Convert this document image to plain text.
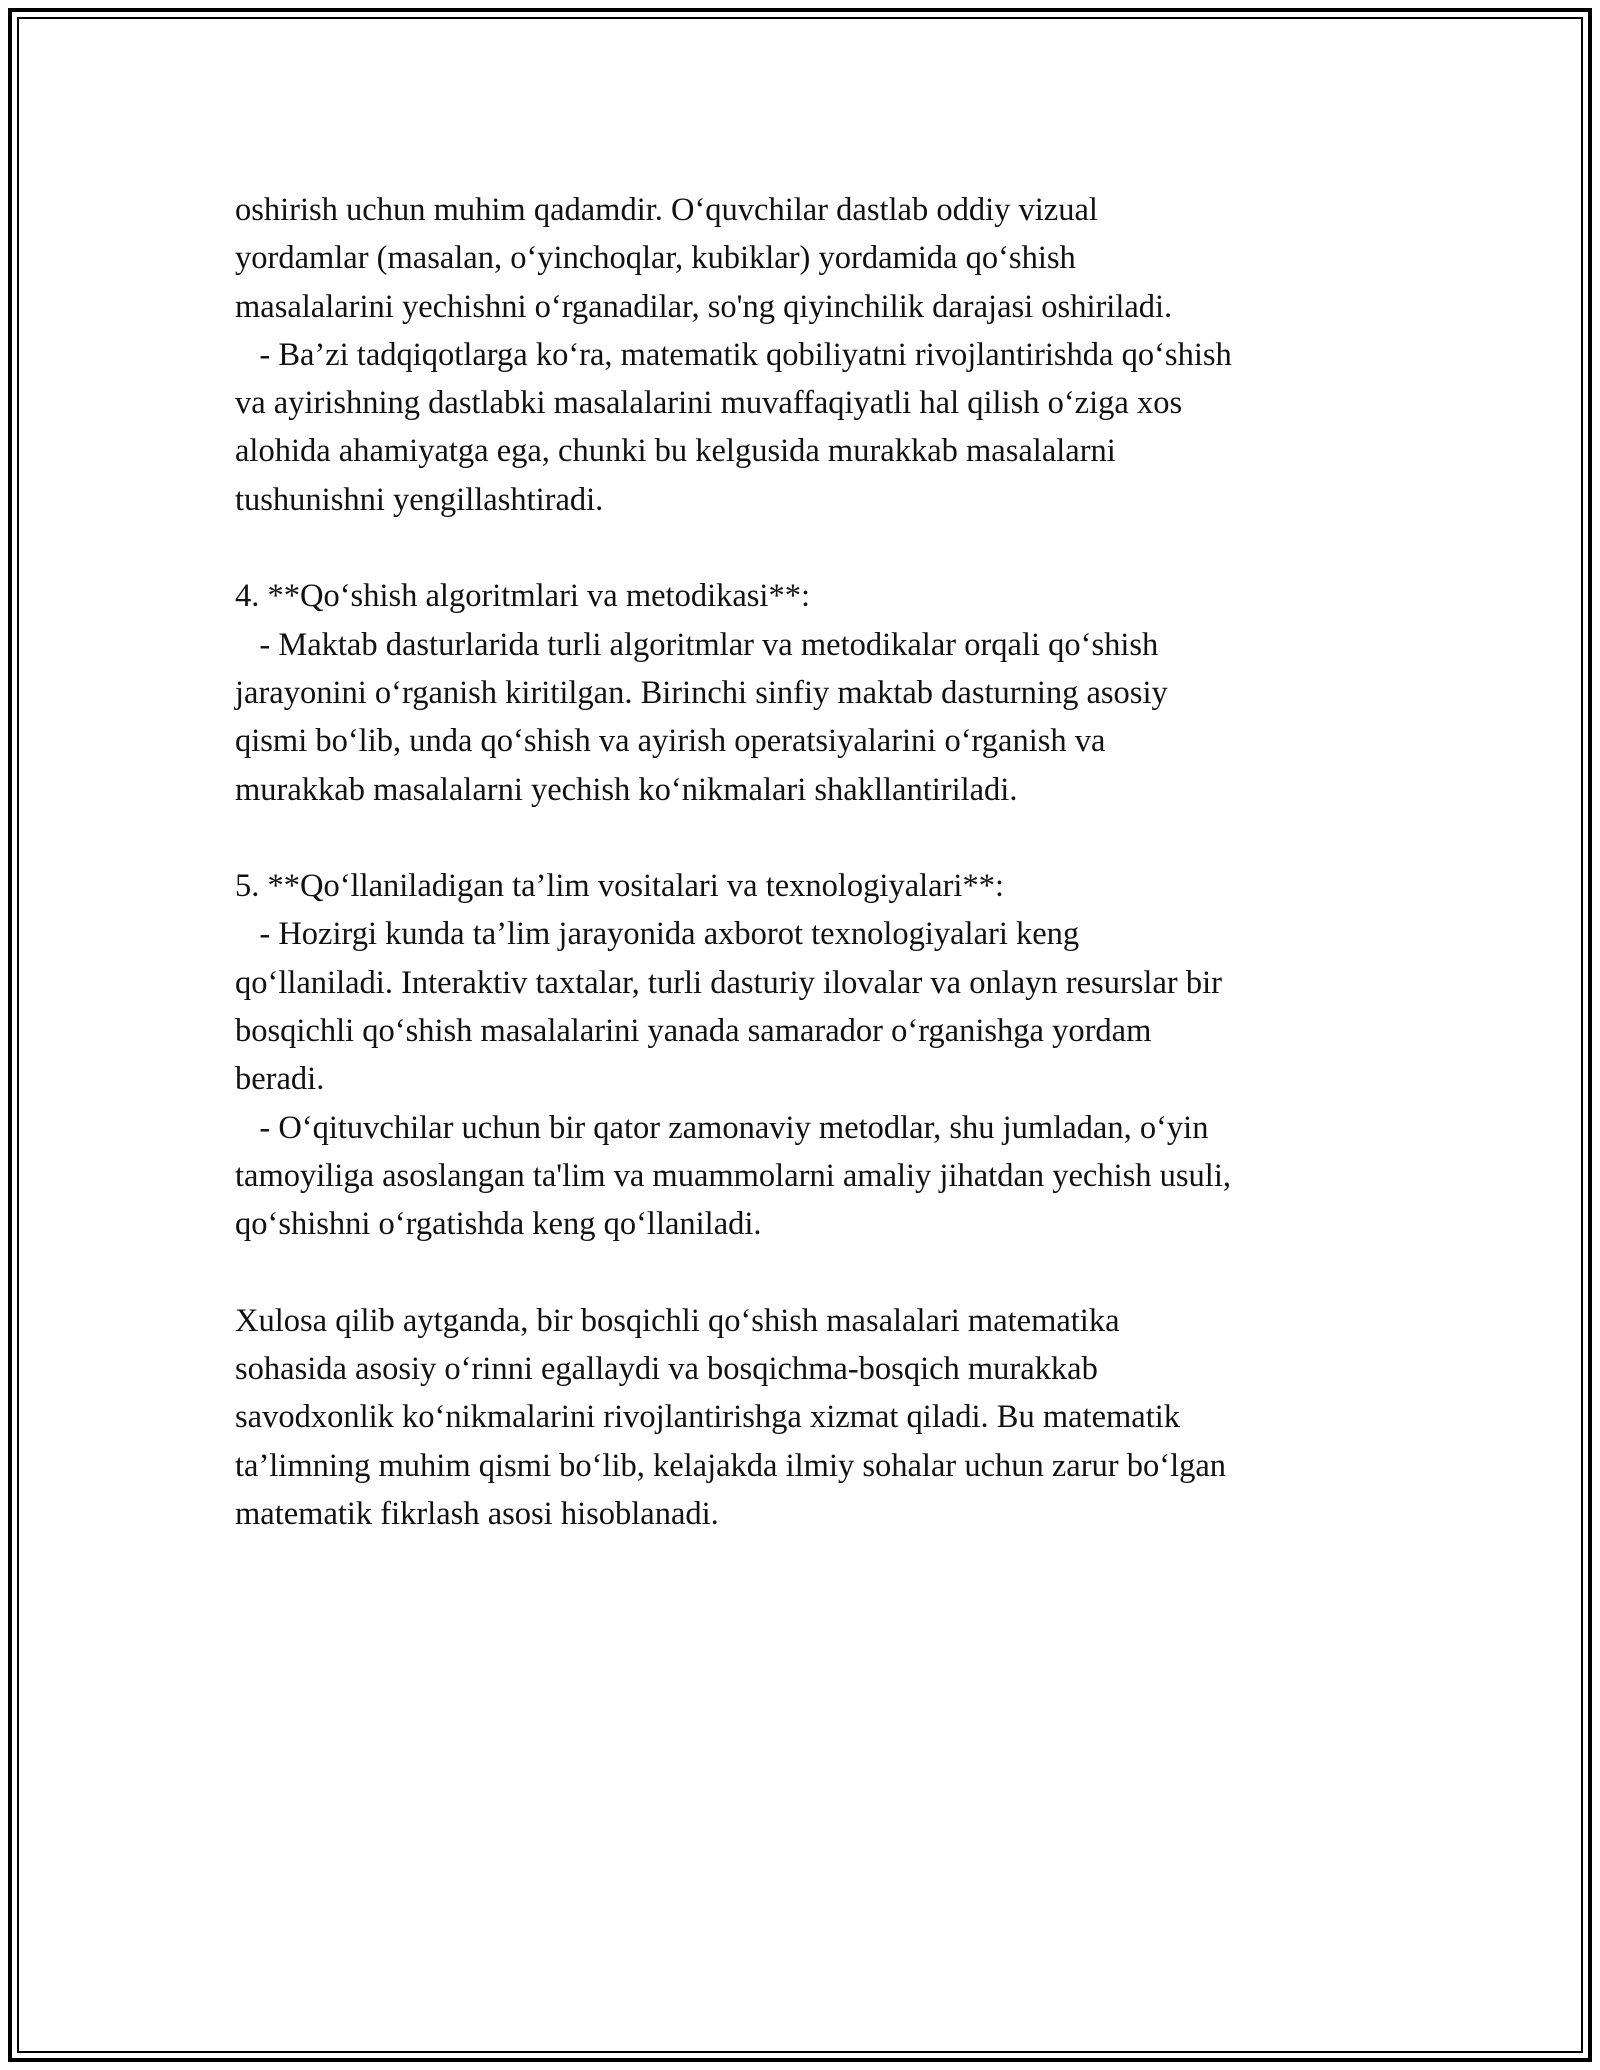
oshirish uchun muhim qadamdir. O‘quvchilar dastlab oddiy vizual
yordamlar (masalan, o‘yinchoqlar, kubiklar) yordamida qo‘shish
masalalarini yechishni o‘rganadilar, so'ng qiyinchilik darajasi oshiriladi.
- Ba’zi tadqiqotlarga ko‘ra, matematik qobiliyatni rivojlantirishda qo‘shish
va ayirishning dastlabki masalalarini muvaffaqiyatli hal qilish o‘ziga xos
alohida ahamiyatga ega, chunki bu kelgusida murakkab masalalarni
tushunishni yengillashtiradi.
4. **Qo‘shish algoritmlari va metodikasi**:
- Maktab dasturlarida turli algoritmlar va metodikalar orqali qo‘shish
jarayonini o‘rganish kiritilgan. Birinchi sinfiy maktab dasturning asosiy
qismi bo‘lib, unda qo‘shish va ayirish operatsiyalarini o‘rganish va
murakkab masalalarni yechish ko‘nikmalari shakllantiriladi.
5. **Qo‘llaniladigan ta’lim vositalari va texnologiyalari**:
- Hozirgi kunda ta’lim jarayonida axborot texnologiyalari keng
qo‘llaniladi. Interaktiv taxtalar, turli dasturiy ilovalar va onlayn resurslar bir
bosqichli qo‘shish masalalarini yanada samarador o‘rganishga yordam
beradi.
- O‘qituvchilar uchun bir qator zamonaviy metodlar, shu jumladan, o‘yin
tamoyiliga asoslangan ta'lim va muammolarni amaliy jihatdan yechish usuli,
qo‘shishni o‘rgatishda keng qo‘llaniladi.
Xulosa qilib aytganda, bir bosqichli qo‘shish masalalari matematika
sohasida asosiy o‘rinni egallaydi va bosqichma-bosqich murakkab
savodxonlik ko‘nikmalarini rivojlantirishga xizmat qiladi. Bu matematik
ta’limning muhim qismi bo‘lib, kelajakda ilmiy sohalar uchun zarur bo‘lgan
matematik fikrlash asosi hisoblanadi.
